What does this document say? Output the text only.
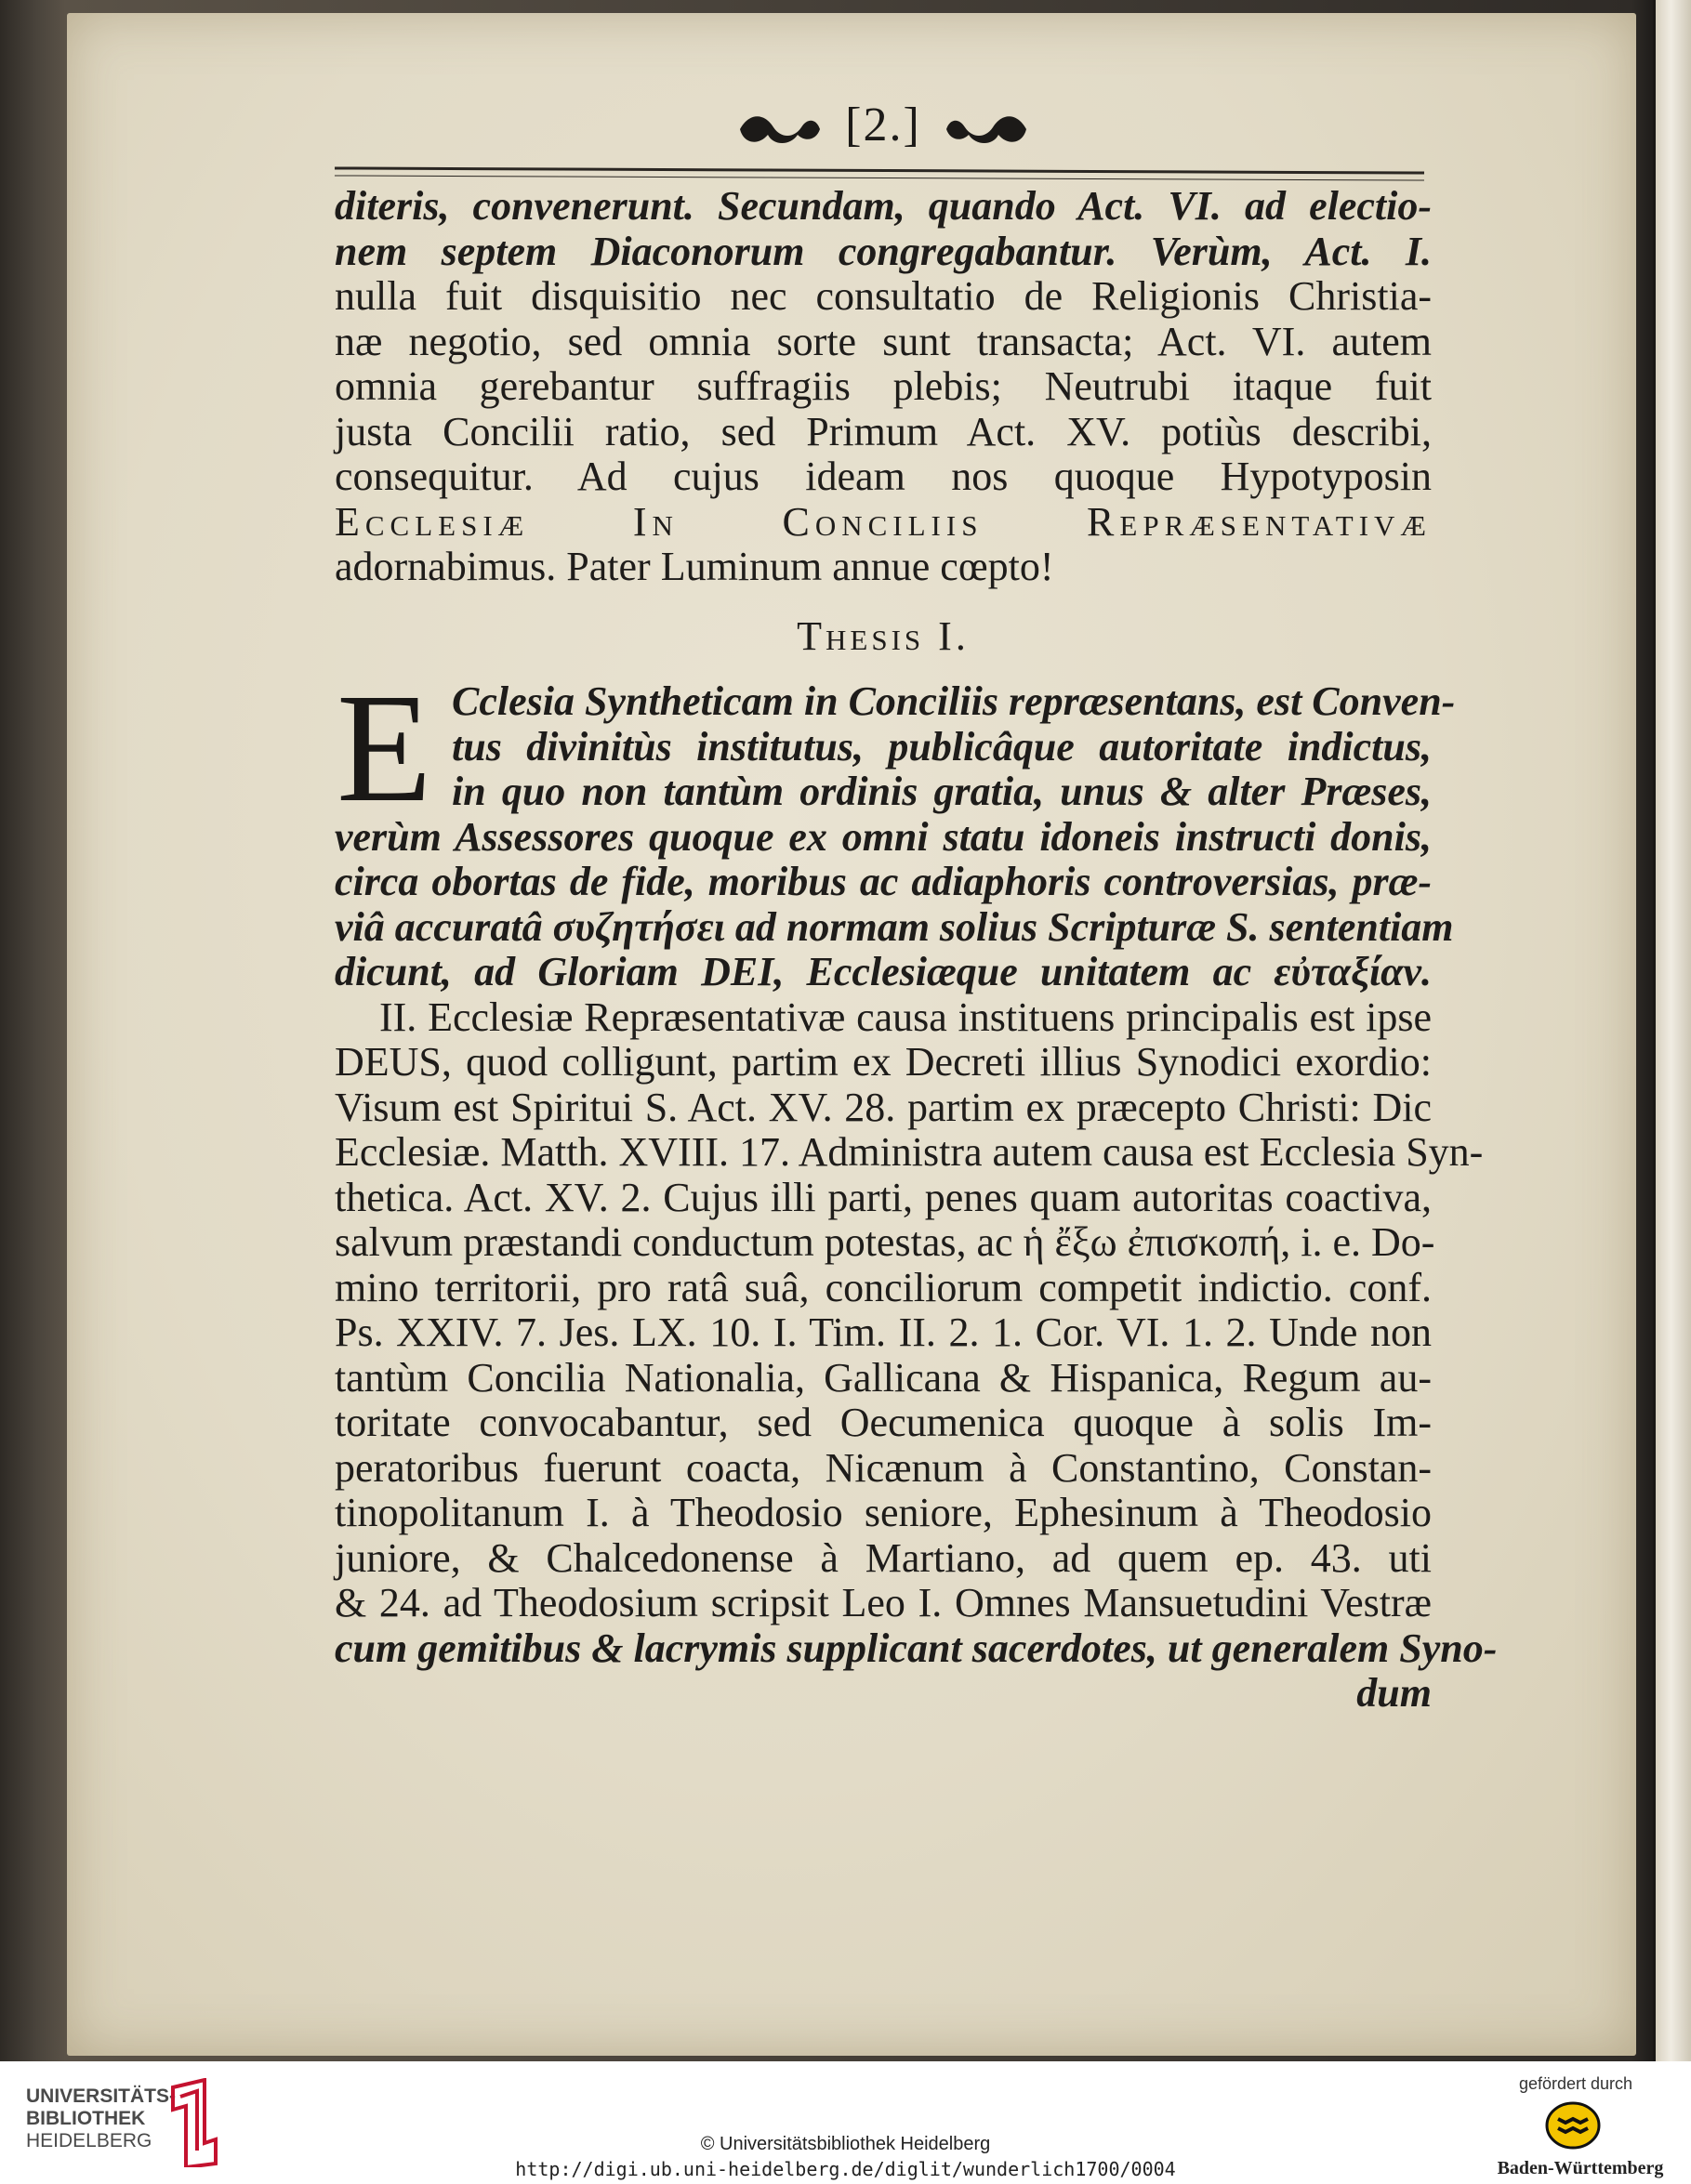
[2.]
diteris, convenerunt. Secundam, quando Act. VI. ad electio-
nem septem Diaconorum congregabantur. Verùm, Act. I.
nulla fuit disquisitio nec consultatio de Religionis Christia-
næ negotio, sed omnia sorte sunt transacta; Act. VI. autem
omnia gerebantur suffragiis plebis; Neutrubi itaque fuit
justa Concilii ratio, sed Primum Act. XV. potiùs describi,
consequitur. Ad cujus ideam nos quoque Hypotyposin
Ecclesiæ In Conciliis Repræsentativæ
adornabimus. Pater Luminum annue cœpto!
Thesis I.
E Cclesia Syntheticam in Conciliis repræsentans, est Conven-
tus divinitùs institutus, publicâque autoritate indictus,
in quo non tantùm ordinis gratia, unus & alter Præses,
verùm Assessores quoque ex omni statu idoneis instructi donis,
circa obortas de fide, moribus ac adiaphoris controversias, præ-
viâ accuratâ συζητήσει ad normam solius Scripturæ S. sententiam
dicunt, ad Gloriam DEI, Ecclesiæque unitatem ac εὐταξίαν.
II. Ecclesiæ Repræsentativæ causa instituens principalis est ipse
DEUS, quod colligunt, partim ex Decreti illius Synodici exordio:
Visum est Spiritui S. Act. XV. 28. partim ex præcepto Christi: Dic
Ecclesiæ. Matth. XVIII. 17. Administra autem causa est Ecclesia Syn-
thetica. Act. XV. 2. Cujus illi parti, penes quam autoritas coactiva,
salvum præstandi conductum potestas, ac ἡ ἔξω ἐπισκοπή, i. e. Do-
mino territorii, pro ratâ suâ, conciliorum competit indictio. conf.
Ps. XXIV. 7. Jes. LX. 10. I. Tim. II. 2. 1. Cor. VI. 1. 2. Unde non
tantùm Concilia Nationalia, Gallicana & Hispanica, Regum au-
toritate convocabantur, sed Oecumenica quoque à solis Im-
peratoribus fuerunt coacta, Nicænum à Constantino, Constan-
tinopolitanum I. à Theodosio seniore, Ephesinum à Theodosio
juniore, & Chalcedonense à Martiano, ad quem ep. 43. uti
& 24. ad Theodosium scripsit Leo I. Omnes Mansuetudini Vestræ
cum gemitibus & lacrymis supplicant sacerdotes, ut generalem Syno-
dum
UNIVERSITÄTS-
BIBLIOTHEK
HEIDELBERG	© Universitätsbibliothek Heidelberg
http://digi.ub.uni-heidelberg.de/diglit/wunderlich1700/0004
gefördert durch
Baden-Württemberg
